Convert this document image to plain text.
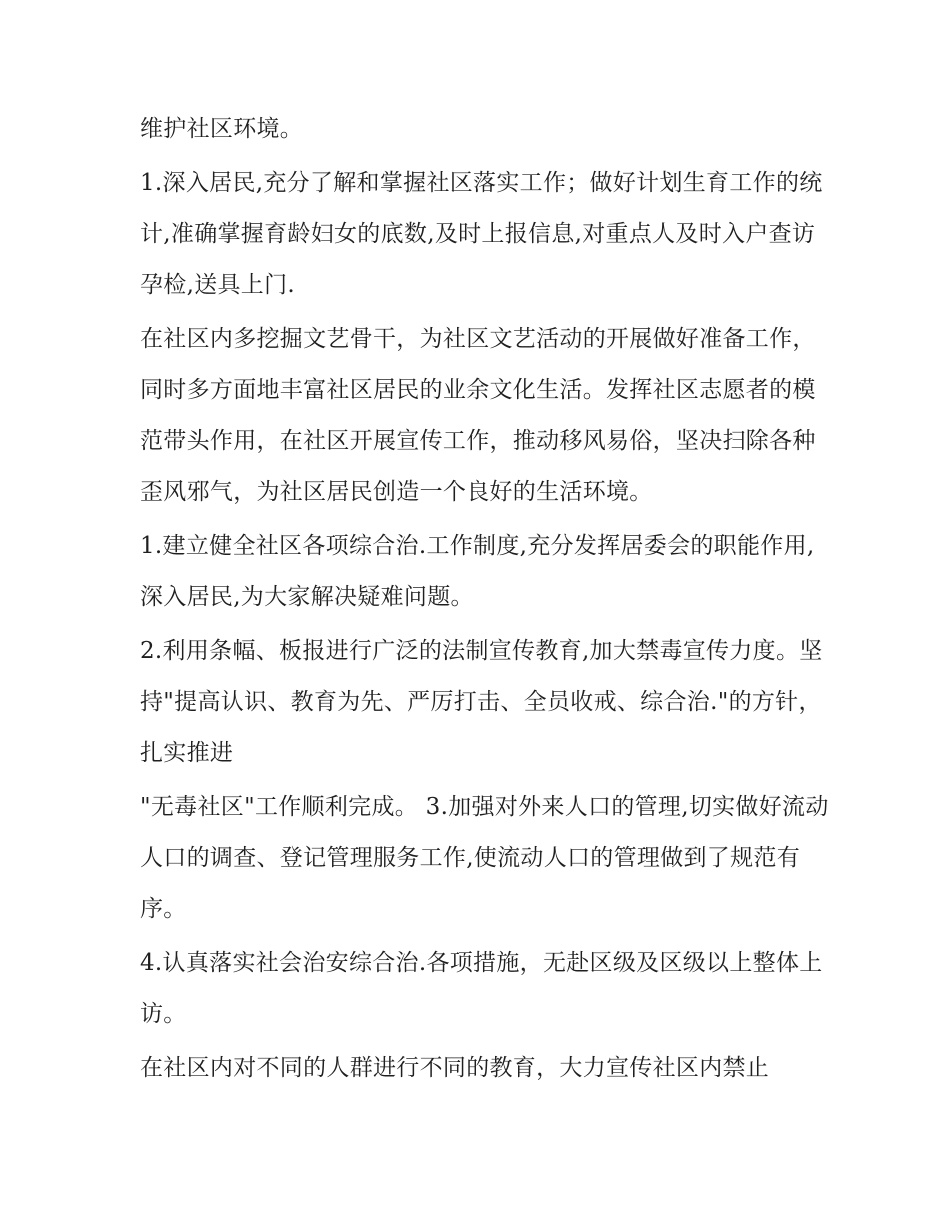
维护社区环境。

1.深入居民,充分了解和掌握社区落实工作；做好计划生育工作的统计,准确掌握育龄妇女的底数,及时上报信息,对重点人及时入户查访孕检,送具上门.

在社区内多挖掘文艺骨干，为社区文艺活动的开展做好准备工作，同时多方面地丰富社区居民的业余文化生活。发挥社区志愿者的模范带头作用，在社区开展宣传工作，推动移风易俗，坚决扫除各种歪风邪气，为社区居民创造一个良好的生活环境。

1.建立健全社区各项综合治.工作制度,充分发挥居委会的职能作用,深入居民,为大家解决疑难问题。

2.利用条幅、板报进行广泛的法制宣传教育,加大禁毒宣传力度。坚持"提高认识、教育为先、严厉打击、全员收戒、综合治."的方针，扎实推进

"无毒社区"工作顺利完成。 3.加强对外来人口的管理,切实做好流动人口的调查、登记管理服务工作,使流动人口的管理做到了规范有序。

4.认真落实社会治安综合治.各项措施，无赴区级及区级以上整体上访。

在社区内对不同的人群进行不同的教育，大力宣传社区内禁止
